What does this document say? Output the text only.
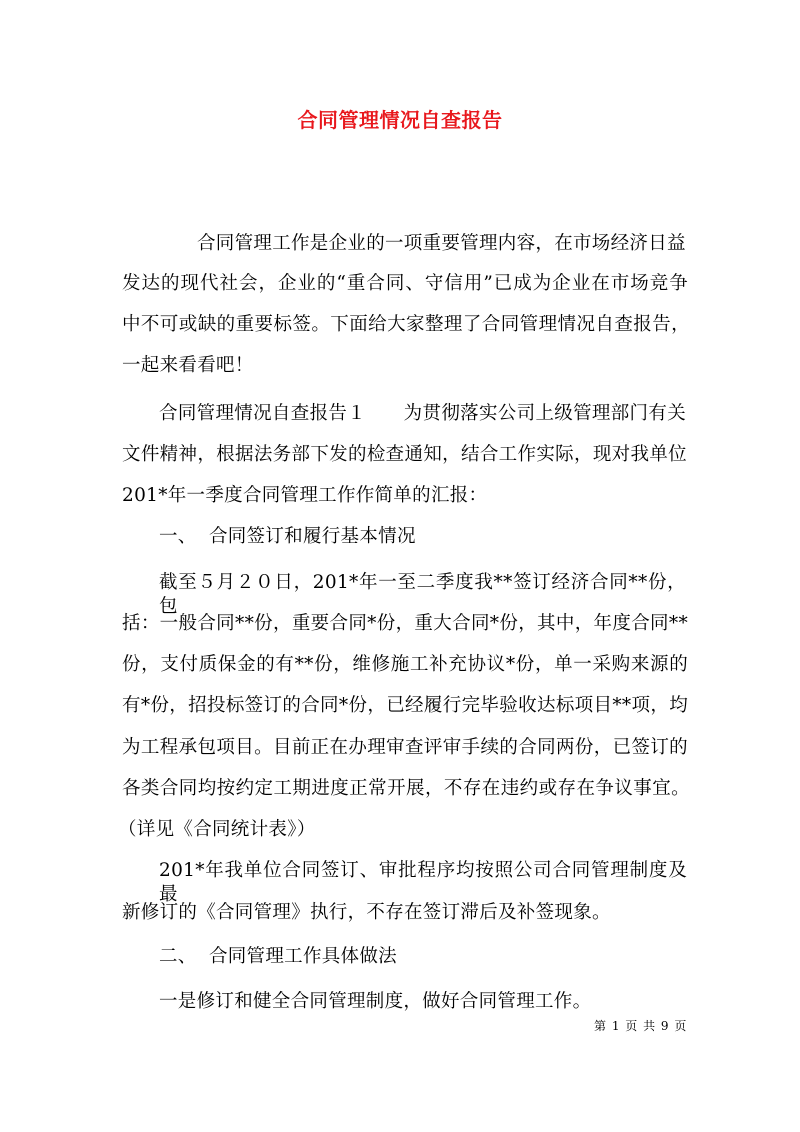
合同管理情况自查报告
合同管理工作是企业的一项重要管理内容，在市场经济日益
发达的现代社会，企业的“重合同、守信用”已成为企业在市场竞争
中不可或缺的重要标签。下面给大家整理了合同管理情况自查报告，
一起来看看吧！
合同管理情况自查报告１　　为贯彻落实公司上级管理部门有关
文件精神，根据法务部下发的检查通知，结合工作实际，现对我单位
201*年一季度合同管理工作作简单的汇报：
一、  合同签订和履行基本情况
截至５月２０日，201*年一至二季度我**签订经济合同**份，包
括：一般合同**份，重要合同*份，重大合同*份，其中，年度合同**
份，支付质保金的有**份，维修施工补充协议*份，单一采购来源的
有*份，招投标签订的合同*份，已经履行完毕验收达标项目**项，均
为工程承包项目。目前正在办理审查评审手续的合同两份，已签订的
各类合同均按约定工期进度正常开展，不存在违约或存在争议事宜。
（详见《合同统计表》）
201*年我单位合同签订、审批程序均按照公司合同管理制度及最
新修订的《合同管理》执行，不存在签订滞后及补签现象。
二、  合同管理工作具体做法
一是修订和健全合同管理制度，做好合同管理工作。
第 1 页 共 9 页
